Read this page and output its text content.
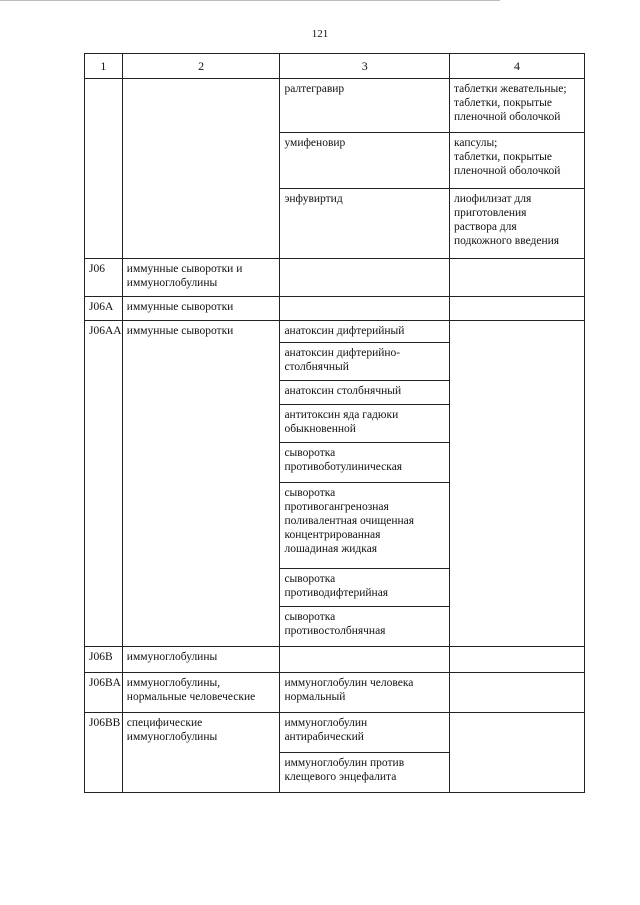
121
1	2	3	4
		ралтегравир	таблетки жевательные;
таблетки, покрытые
пленочной оболочкой
		умифеновир	капсулы;
таблетки, покрытые
пленочной оболочкой
		энфувиртид	лиофилизат для
приготовления
раствора для
подкожного введения
J06	иммунные сыворотки и
иммуноглобулины		
J06A	иммунные сыворотки		
J06AA	иммунные сыворотки	анатоксин дифтерийный	
		анатоксин дифтерийно-
столбнячный	
		анатоксин столбнячный	
		антитоксин яда гадюки
обыкновенной	
		сыворотка
противоботулиническая	
		сыворотка
противогангренозная
поливалентная очищенная
концентрированная
лошадиная жидкая	
		сыворотка
противодифтерийная	
		сыворотка
противостолбнячная	
J06B	иммуноглобулины		
J06BA	иммуноглобулины,
нормальные человеческие	иммуноглобулин человека
нормальный	
J06BB	специфические
иммуноглобулины	иммуноглобулин
антирабический	
		иммуноглобулин против
клещевого энцефалита	
